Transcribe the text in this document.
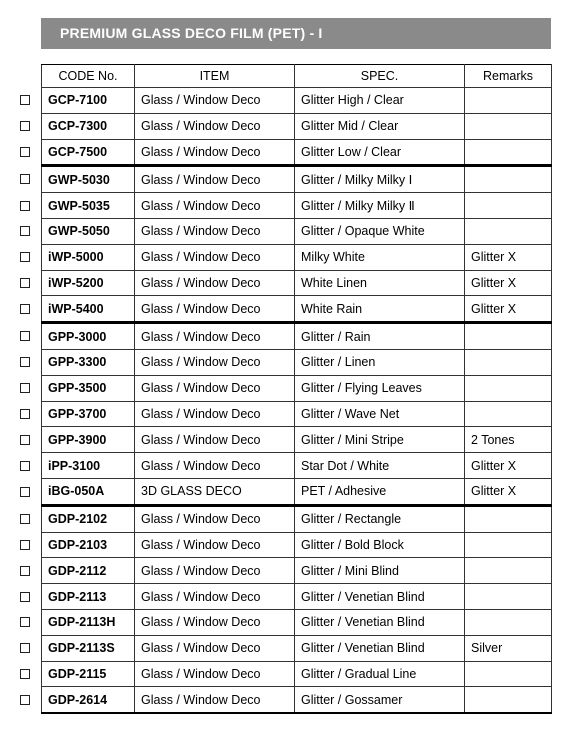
PREMIUM GLASS DECO FILM (PET) - I
CODE No.	ITEM	SPEC.	Remarks
GCP-7100	Glass / Window Deco	Glitter High / Clear	
GCP-7300	Glass / Window Deco	Glitter Mid / Clear	
GCP-7500	Glass / Window Deco	Glitter Low / Clear	
GWP-5030	Glass / Window Deco	Glitter / Milky Milky Ⅰ	
GWP-5035	Glass / Window Deco	Glitter / Milky Milky Ⅱ	
GWP-5050	Glass / Window Deco	Glitter / Opaque White	
iWP-5000	Glass / Window Deco	Milky White	Glitter X
iWP-5200	Glass / Window Deco	White Linen	Glitter X
iWP-5400	Glass / Window Deco	White Rain	Glitter X
GPP-3000	Glass / Window Deco	Glitter / Rain	
GPP-3300	Glass / Window Deco	Glitter / Linen	
GPP-3500	Glass / Window Deco	Glitter / Flying Leaves	
GPP-3700	Glass / Window Deco	Glitter / Wave Net	
GPP-3900	Glass / Window Deco	Glitter / Mini Stripe	2 Tones
iPP-3100	Glass / Window Deco	Star Dot / White	Glitter X
iBG-050A	3D GLASS DECO	PET / Adhesive	Glitter X
GDP-2102	Glass / Window Deco	Glitter / Rectangle	
GDP-2103	Glass / Window Deco	Glitter / Bold Block	
GDP-2112	Glass / Window Deco	Glitter / Mini Blind	
GDP-2113	Glass / Window Deco	Glitter / Venetian Blind	
GDP-2113H	Glass / Window Deco	Glitter / Venetian Blind	
GDP-2113S	Glass / Window Deco	Glitter / Venetian Blind	Silver
GDP-2115	Glass / Window Deco	Glitter / Gradual Line	
GDP-2614	Glass / Window Deco	Glitter / Gossamer	
